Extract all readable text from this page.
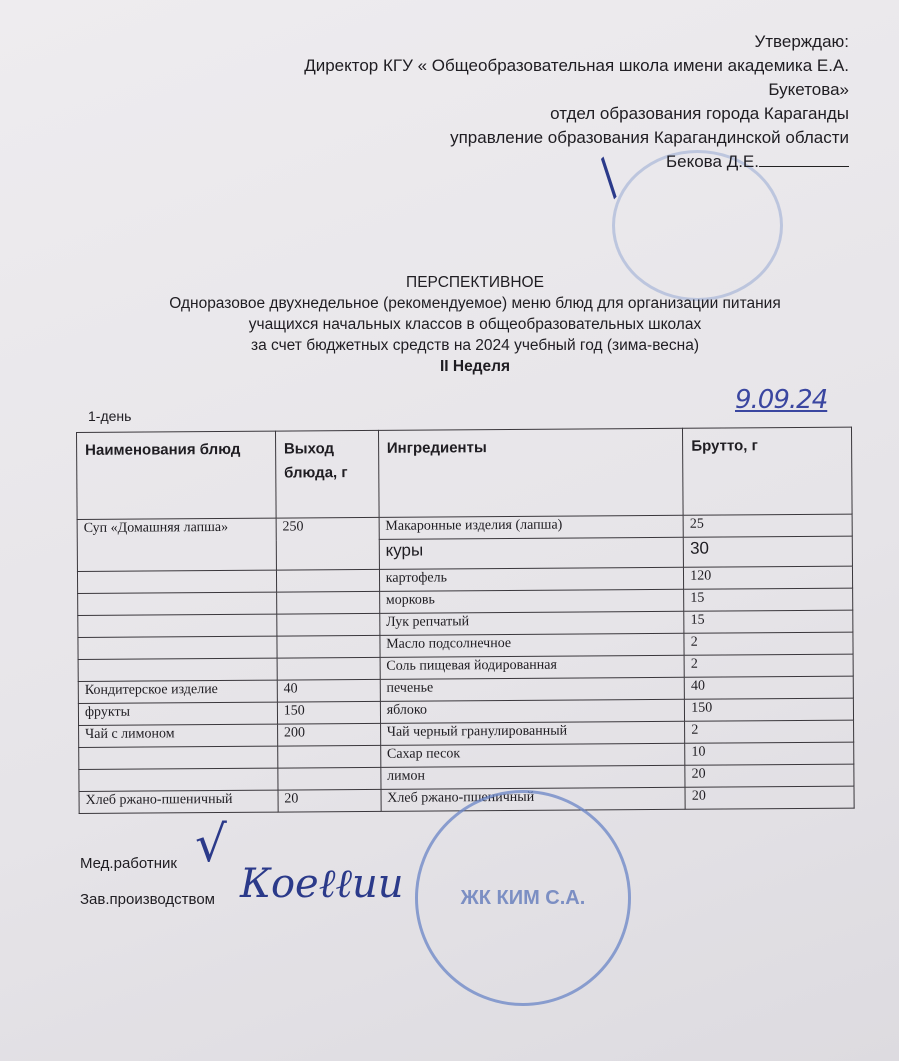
Утверждаю:
Директор КГУ « Общеобразовательная школа имени академика Е.А.
Букетова»
отдел образования города Караганды
управление образования Карагандинской области
Бекова Д.Е.
/
ПЕРСПЕКТИВНОЕ
Одноразовое двухнедельное (рекомендуемое) меню блюд для организации питания
учащихся начальных классов в общеобразовательных школах
за счет бюджетных средств на 2024 учебный год (зима-весна)
II Неделя
1-день
9.09.24
Наименования блюд	Выход блюда, г	Ингредиенты	Брутто, г
Суп «Домашняя лапша»	250	Макаронные изделия (лапша)	25
		куры	30
		картофель	120
		морковь	15
		Лук репчатый	15
		Масло подсолнечное	2
		Соль пищевая йодированная	2
Кондитерское изделие	40	печенье	40
фрукты	150	яблоко	150
Чай с лимоном	200	Чай черный гранулированный	2
		Сахар песок	10
		лимон	20
Хлеб ржано-пшеничный	20	Хлеб ржано-пшеничный	20
Мед.работник
Зав.производством
√
Коеℓℓии	ЖК КИМ С.А.
